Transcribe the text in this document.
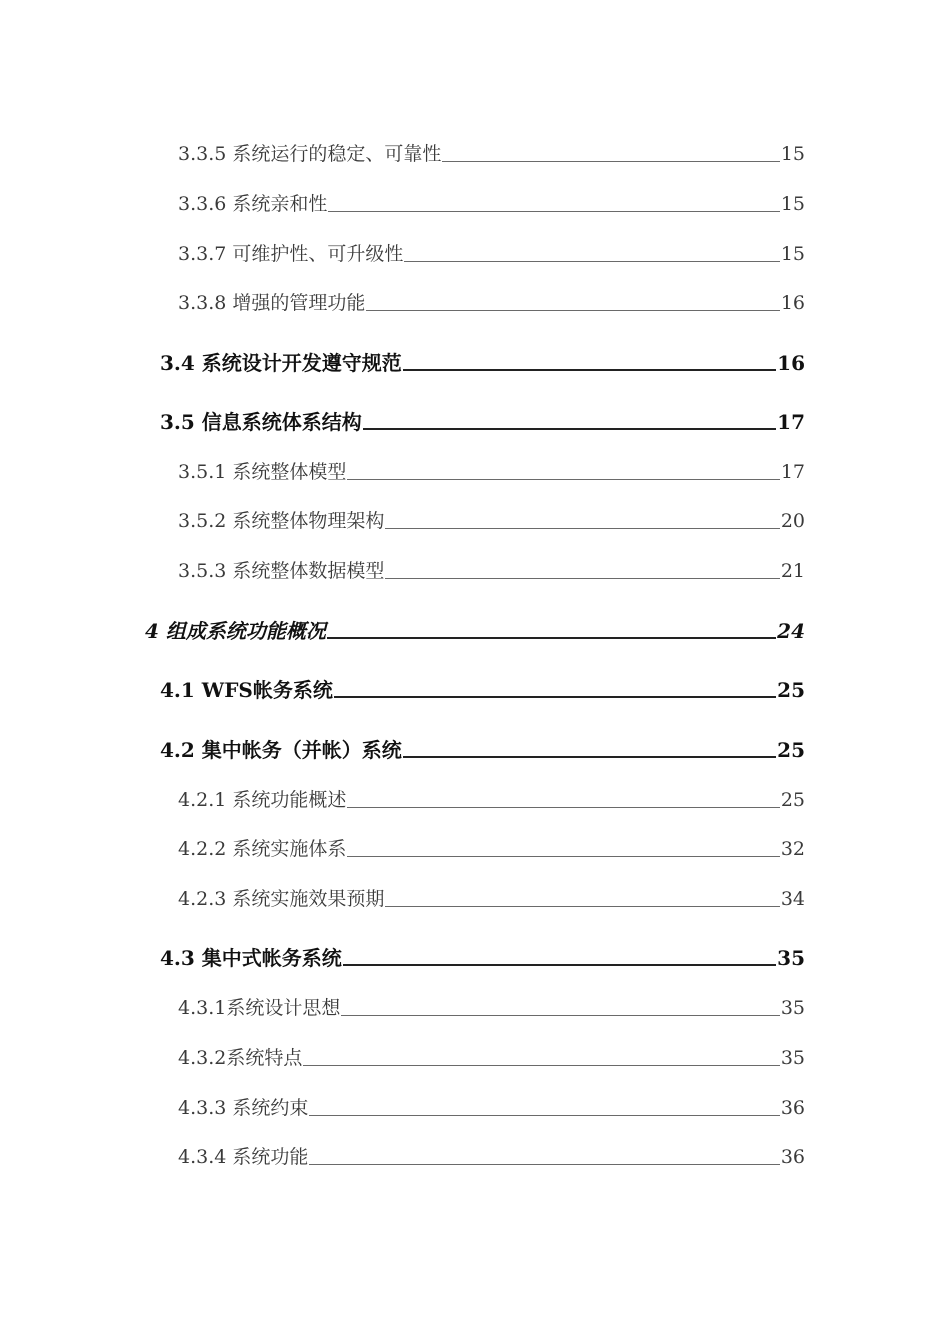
3.3.5 系统运行的稳定、可靠性	15
3.3.6 系统亲和性	15
3.3.7 可维护性、可升级性	15
3.3.8 增强的管理功能	16
3.4 系统设计开发遵守规范	16
3.5 信息系统体系结构	17
3.5.1 系统整体模型	17
3.5.2 系统整体物理架构	20
3.5.3 系统整体数据模型	21
4 组成系统功能概况	24
4.1 WFS帐务系统	25
4.2 集中帐务（并帐）系统	25
4.2.1 系统功能概述	25
4.2.2 系统实施体系	32
4.2.3 系统实施效果预期	34
4.3 集中式帐务系统	35
4.3.1系统设计思想	35
4.3.2系统特点	35
4.3.3 系统约束	36
4.3.4 系统功能	36
